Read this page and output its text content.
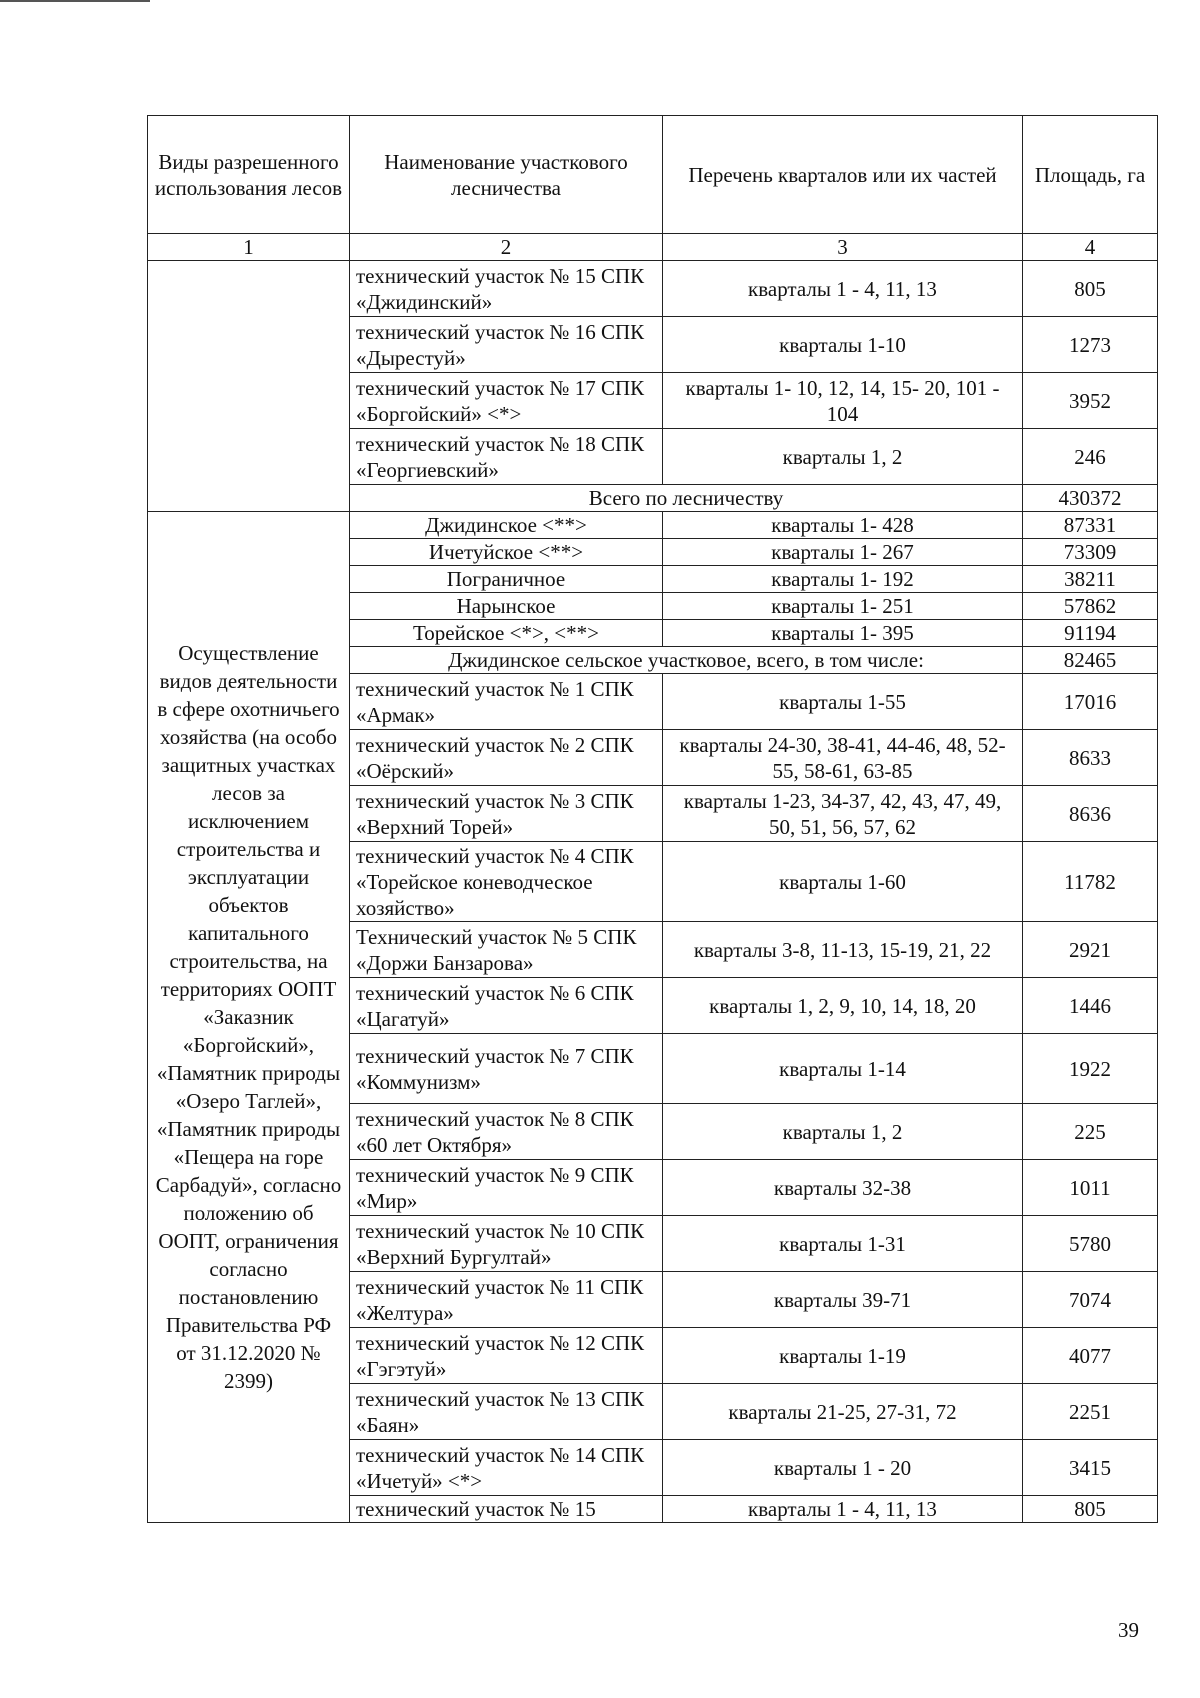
Виды разрешенного использования лесов	Наименование участкового лесничества	Перечень кварталов или их частей	Площадь, га
1	2	3	4
	технический участок № 15 СПК «Джидинский»	кварталы 1 - 4, 11, 13	805
	технический участок № 16 СПК «Дырестуй»	кварталы 1-10	1273
	технический участок № 17 СПК «Боргойский» <*>	кварталы 1- 10, 12, 14, 15- 20, 101 - 104	3952
	технический участок № 18 СПК «Георгиевский»	кварталы 1, 2	246
	Всего по лесничеству		430372
Осуществление видов деятельности в сфере охотничьего хозяйства (на особо защитных участках лесов за исключением строительства и эксплуатации объектов капитального строительства, на территориях ООПТ «Заказник «Боргойский», «Памятник природы «Озеро Таглей», «Памятник природы «Пещера на горе Сарбадуй», согласно положению об ООПТ, ограничения согласно постановлению Правительства РФ от 31.12.2020 № 2399)	Джидинское <**>	кварталы 1- 428	87331
	Ичетуйское <**>	кварталы 1- 267	73309
	Пограничное	кварталы 1- 192	38211
	Нарынское	кварталы 1- 251	57862
	Торейское <*>, <**>	кварталы 1- 395	91194
	Джидинское сельское участковое, всего, в том числе:		82465
	технический участок № 1 СПК «Армак»	кварталы 1-55	17016
	технический участок № 2 СПК «Оёрский»	кварталы 24-30, 38-41, 44-46, 48, 52-55, 58-61, 63-85	8633
	технический участок № 3 СПК «Верхний Торей»	кварталы 1-23, 34-37, 42, 43, 47, 49, 50, 51, 56, 57, 62	8636
	технический участок № 4 СПК «Торейское коневодческое хозяйство»	кварталы 1-60	11782
	Технический участок № 5 СПК «Доржи Банзарова»	кварталы 3-8, 11-13, 15-19, 21, 22	2921
	технический участок № 6 СПК «Цагатуй»	кварталы 1, 2, 9, 10, 14, 18, 20	1446
	технический участок № 7 СПК «Коммунизм»	кварталы 1-14	1922
	технический участок № 8 СПК «60 лет Октября»	кварталы 1, 2	225
	технический участок № 9 СПК «Мир»	кварталы 32-38	1011
	технический участок № 10 СПК «Верхний Бургултай»	кварталы 1-31	5780
	технический участок № 11 СПК «Желтура»	кварталы 39-71	7074
	технический участок № 12 СПК «Гэгэтуй»	кварталы 1-19	4077
	технический участок № 13 СПК «Баян»	кварталы 21-25, 27-31, 72	2251
	технический участок № 14 СПК «Ичетуй» <*>	кварталы 1 - 20	3415
	технический участок № 15	кварталы 1 - 4, 11, 13	805
39
